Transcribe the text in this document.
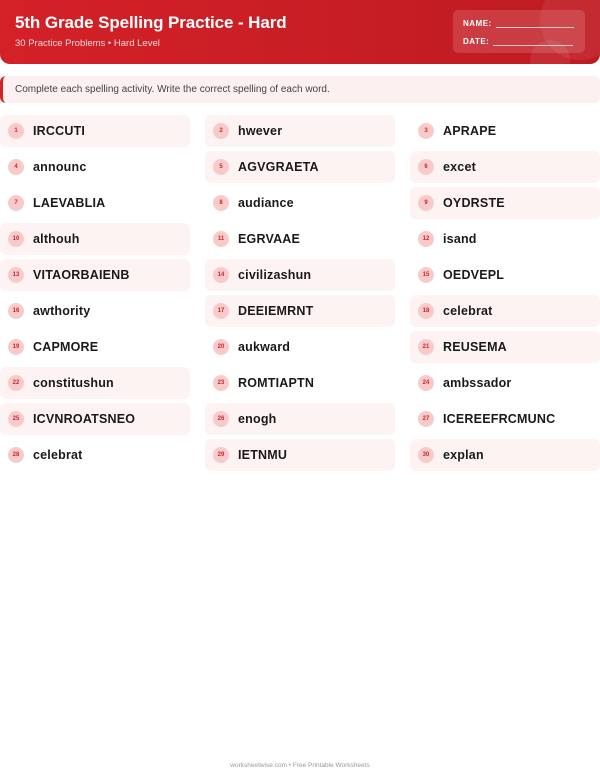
5th Grade Spelling Practice - Hard
30 Practice Problems • Hard Level
NAME:
DATE:
Complete each spelling activity. Write the correct spelling of each word.
1	IRCCUTI	2	hwever	3	APRAPE
4	announc	5	AGVGRAETA	6	excet
7	LAEVABLIA	8	audiance	9	OYDRSTE
10	althouh	11	EGRVAAE	12	isand
13	VITAORBAIENB	14	civilizashun	15	OEDVEPL
16	awthority	17	DEEIEMRNT	18	celebrat
19	CAPMORE	20	aukward	21	REUSEMA
22	constitushun	23	ROMTIAPTN	24	ambssador
25	ICVNROATSNEO	26	enogh	27	ICEREEFRCMUNC
28	celebrat	29	IETNMU	30	explan
worksheetwise.com • Free Printable Worksheets
